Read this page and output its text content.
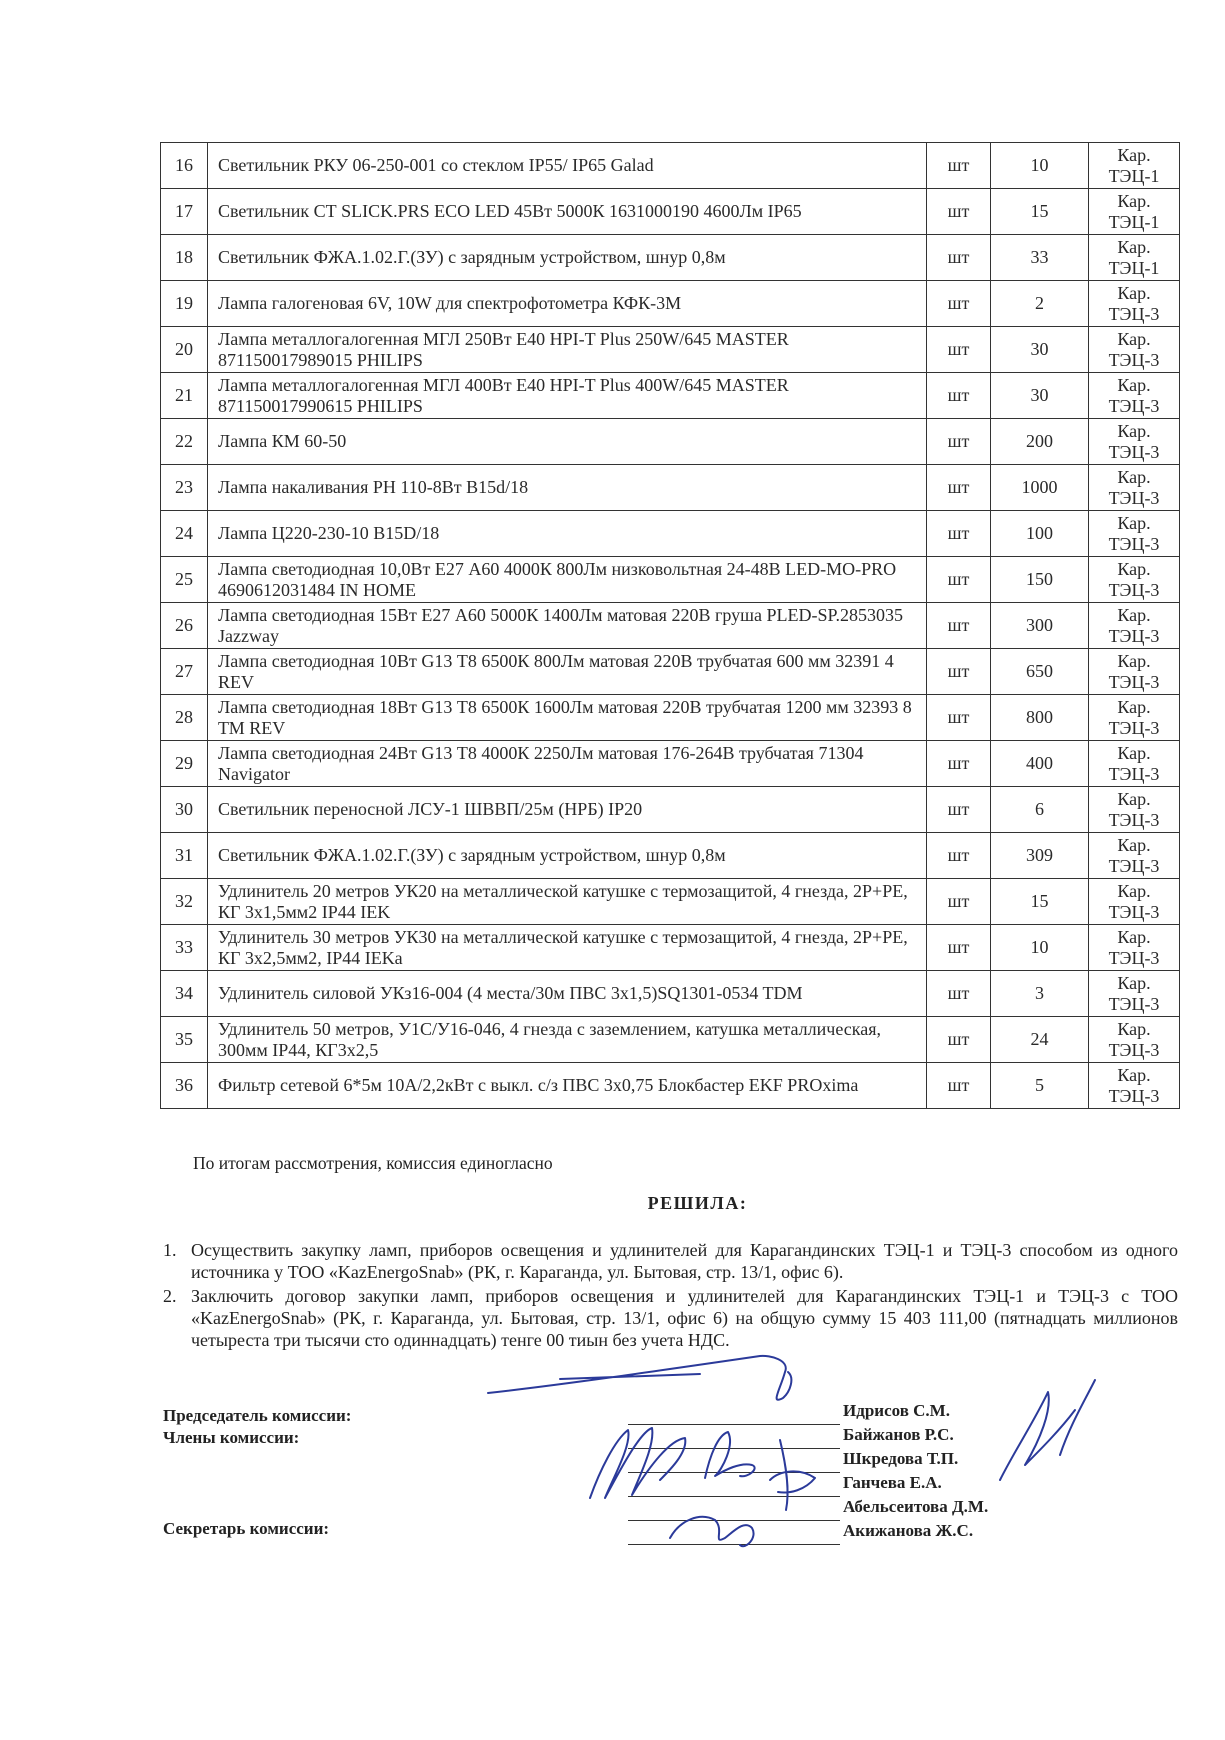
16	Светильник РКУ 06-250-001 со стеклом IP55/ IP65 Galad	шт	10	Кар.
ТЭЦ-1

17	Светильник СТ SLICK.PRS ECO LED 45Вт 5000К 1631000190 4600Лм IP65	шт	15	Кар.
ТЭЦ-1

18	Светильник ФЖА.1.02.Г.(ЗУ) с зарядным устройством, шнур 0,8м	шт	33	Кар.
ТЭЦ-1

19	Лампа галогеновая 6V, 10W для спектрофотометра КФК-3М	шт	2	Кар.
ТЭЦ-3

20	Лампа металлогалогенная МГЛ 250Вт Е40 HPI-T Plus 250W/645 MASTER 871150017989015 PHILIPS	шт	30	Кар.
ТЭЦ-3

21	Лампа металлогалогенная МГЛ 400Вт Е40 HPI-T Plus 400W/645 MASTER 871150017990615 PHILIPS	шт	30	Кар.
ТЭЦ-3

22	Лампа КМ 60-50	шт	200	Кар.
ТЭЦ-3

23	Лампа накаливания РН 110-8Вт В15d/18	шт	1000	Кар.
ТЭЦ-3

24	Лампа Ц220-230-10 В15D/18	шт	100	Кар.
ТЭЦ-3

25	Лампа светодиодная 10,0Вт Е27 А60 4000К 800Лм низковольтная 24-48В LED-MO-PRO 4690612031484 IN HOME	шт	150	Кар.
ТЭЦ-3

26	Лампа светодиодная 15Вт Е27 А60 5000К 1400Лм матовая 220В груша PLED-SP.2853035 Jazzway	шт	300	Кар.
ТЭЦ-3

27	Лампа светодиодная 10Вт G13 Т8 6500К 800Лм матовая 220В трубчатая 600 мм 32391 4 REV	шт	650	Кар.
ТЭЦ-3

28	Лампа светодиодная 18Вт G13 Т8 6500К 1600Лм матовая 220В трубчатая 1200 мм 32393 8 ТМ REV	шт	800	Кар.
ТЭЦ-3

29	Лампа светодиодная 24Вт G13 Т8 4000К 2250Лм матовая 176-264В трубчатая 71304 Navigator	шт	400	Кар.
ТЭЦ-3

30	Светильник переносной ЛСУ-1 ШВВП/25м (НРБ) IP20	шт	6	Кар.
ТЭЦ-3

31	Светильник ФЖА.1.02.Г.(ЗУ) с зарядным устройством, шнур 0,8м	шт	309	Кар.
ТЭЦ-3

32	Удлинитель 20 метров УК20 на металлической катушке с термозащитой, 4 гнезда, 2Р+РЕ, КГ 3х1,5мм2 IP44 IEK	шт	15	Кар.
ТЭЦ-3

33	Удлинитель 30 метров УК30 на металлической катушке с термозащитой, 4 гнезда, 2Р+РЕ, КГ 3х2,5мм2, IP44 IEKa	шт	10	Кар.
ТЭЦ-3

34	Удлинитель силовой УКз16-004 (4 места/30м ПВС 3х1,5)SQ1301-0534 TDM	шт	3	Кар.
ТЭЦ-3

35	Удлинитель 50 метров, У1С/У16-046, 4 гнезда с заземлением, катушка металлическая, 300мм IP44, КГ3х2,5	шт	24	Кар.
ТЭЦ-3

36	Фильтр сетевой 6*5м 10А/2,2кВт с выкл. с/з ПВС 3х0,75 Блокбастер EKF PROxima	шт	5	Кар.
ТЭЦ-3
По итогам рассмотрения, комиссия единогласно
РЕШИЛА:
1. Осуществить закупку ламп, приборов освещения и удлинителей для Карагандинских ТЭЦ-1 и ТЭЦ-3 способом из одного источника у ТОО «KazEnergoSnab» (РК, г. Караганда, ул. Бытовая, стр. 13/1, офис 6).
2. Заключить договор закупки ламп, приборов освещения и удлинителей для Карагандинских ТЭЦ-1 и ТЭЦ-3 с ТОО «KazEnergoSnab» (РК, г. Караганда, ул. Бытовая, стр. 13/1, офис 6) на общую сумму 15 403 111,00 (пятнадцать миллионов четыреста три тысячи сто одиннадцать) тенге 00 тиын без учета НДС.
Председатель комиссии:
Члены комиссии:
Секретарь комиссии:
Идрисов С.М.
Байжанов Р.С.
Шкредова Т.П.
Ганчева Е.А.
Абельсеитова Д.М.
Акижанова Ж.С.
